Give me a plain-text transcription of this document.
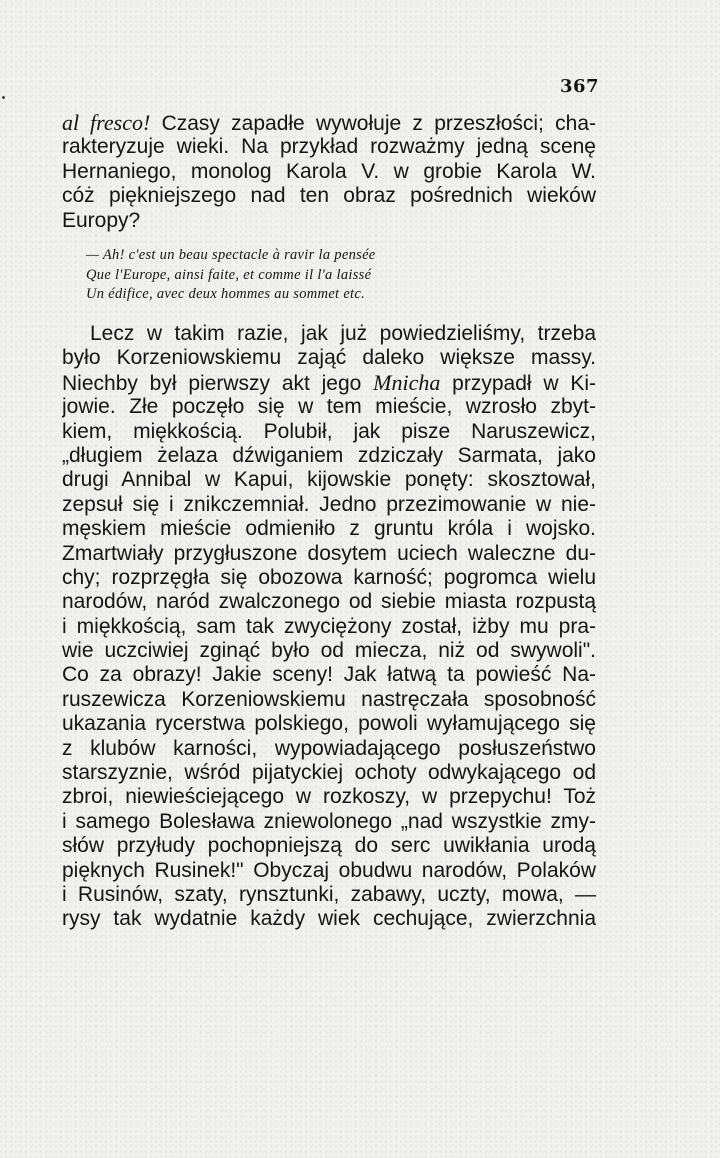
367
al fresco! Czasy zapadłe wywołuje z przeszłości; cha-
rakteryzuje wieki. Na przykład rozważmy jedną scenę
Hernaniego, monolog Karola V. w grobie Karola W.
cóż piękniejszego nad ten obraz pośrednich wieków
Europy?
— Ah! c'est un beau spectacle à ravir la pensée
Que l'Europe, ainsi faite, et comme il l'a laissé
Un édifice, avec deux hommes au sommet etc.
Lecz w takim razie, jak już powiedzieliśmy, trzeba
było Korzeniowskiemu zająć daleko większe massy.
Niechby był pierwszy akt jego Mnicha przypadł w Ki-
jowie. Złe poczęło się w tem mieście, wzrosło zbyt-
kiem, miękkością. Polubił, jak pisze Naruszewicz,
„długiem żelaza dźwiganiem zdziczały Sarmata, jako
drugi Annibal w Kapui, kijowskie ponęty: skosztował,
zepsuł się i znikczemniał. Jedno przezimowanie w nie-
męskiem mieście odmieniło z gruntu króla i wojsko.
Zmartwiały przygłuszone dosytem uciech waleczne du-
chy; rozprzęgła się obozowa karność; pogromca wielu
narodów, naród zwalczonego od siebie miasta rozpustą
i miękkością, sam tak zwyciężony został, iżby mu pra-
wie uczciwiej zginąć było od miecza, niż od swywoli".
Co za obrazy! Jakie sceny! Jak łatwą ta powieść Na-
ruszewicza Korzeniowskiemu nastręczała sposobność
ukazania rycerstwa polskiego, powoli wyłamującego się
z klubów karności, wypowiadającego posłuszeństwo
starszyznie, wśród pijatyckiej ochoty odwykającego od
zbroi, niewieściejącego w rozkoszy, w przepychu! Toż
i samego Bolesława zniewolonego „nad wszystkie zmy-
słów przyłudy pochopniejszą do serc uwikłania urodą
pięknych Rusinek!" Obyczaj obudwu narodów, Polaków
i Rusinów, szaty, rynsztunki, zabawy, uczty, mowa, —
rysy tak wydatnie każdy wiek cechujące, zwierzchnia
